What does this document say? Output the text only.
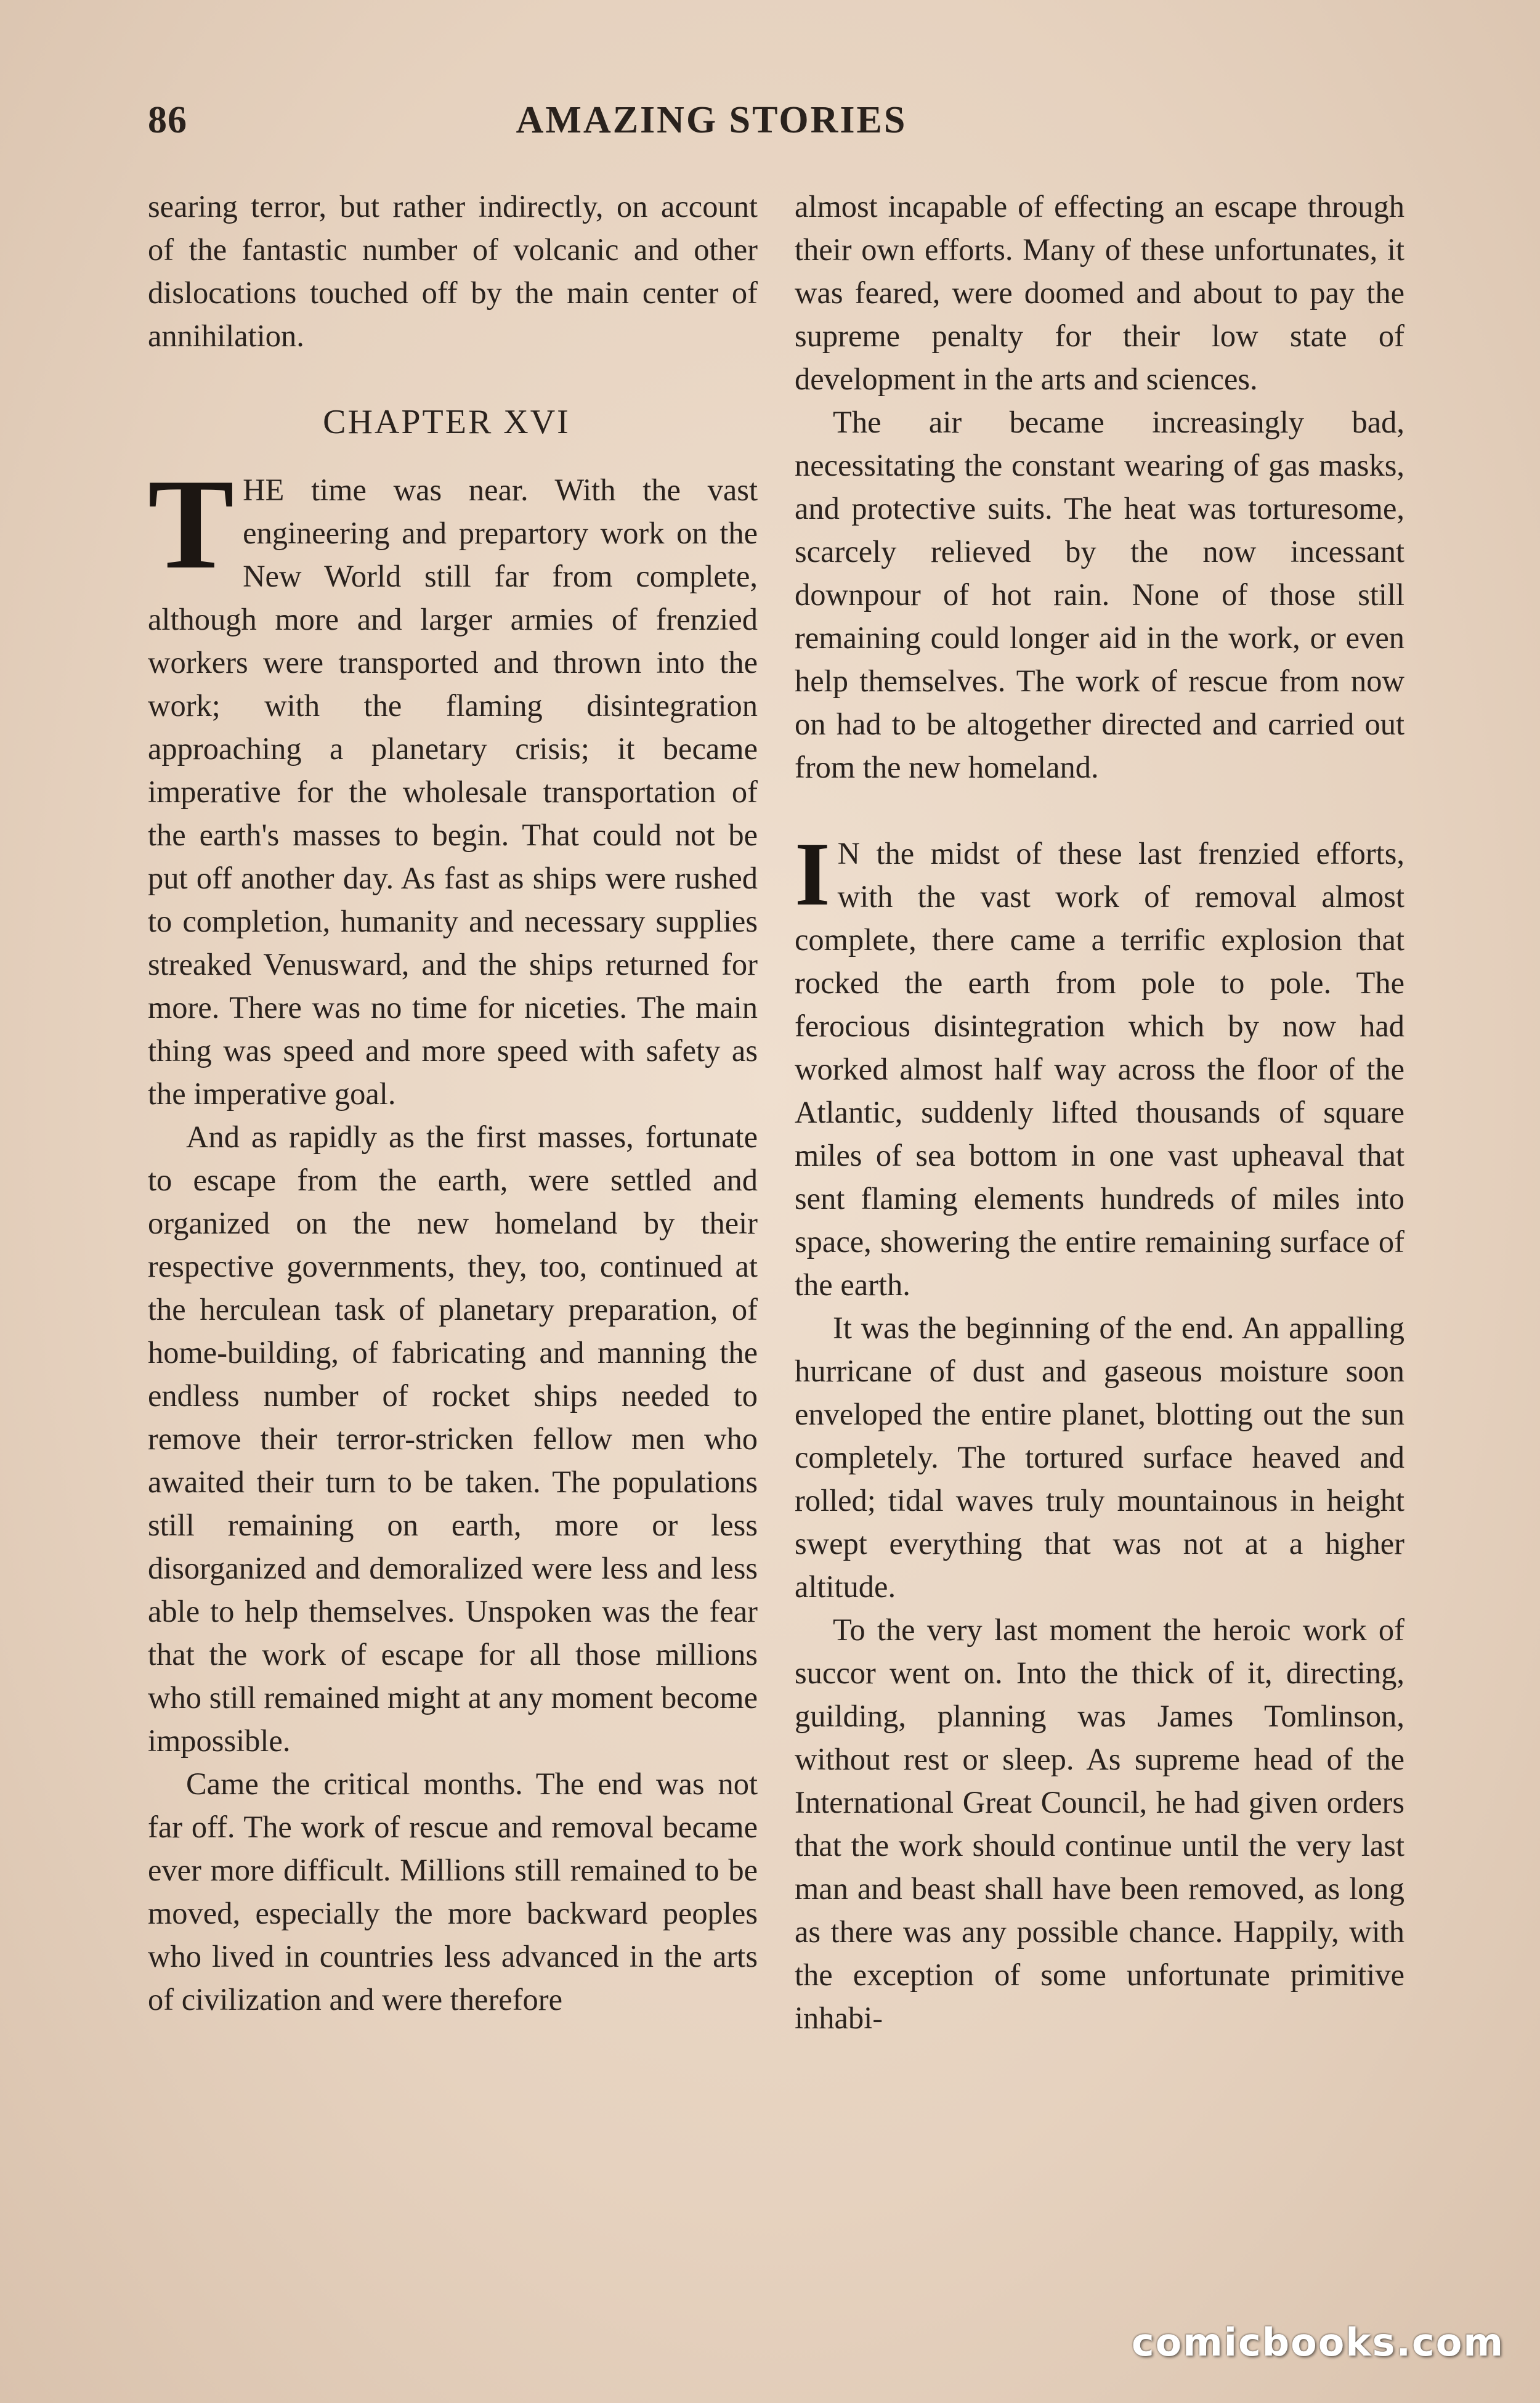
86	AMAZING STORIES

searing terror, but rather indirectly, on account of the fantastic number of volcanic and other dislocations touched off by the main center of annihilation.

CHAPTER XVI

THE time was near. With the vast engineering and prepartory work on the New World still far from complete, although more and larger armies of frenzied workers were transported and thrown into the work; with the flaming disintegration approaching a planetary crisis; it became imperative for the wholesale transportation of the earth's masses to begin. That could not be put off another day. As fast as ships were rushed to completion, humanity and necessary supplies streaked Venusward, and the ships returned for more. There was no time for niceties. The main thing was speed and more speed with safety as the imperative goal.

And as rapidly as the first masses, fortunate to escape from the earth, were settled and organized on the new homeland by their respective governments, they, too, continued at the herculean task of planetary preparation, of home-building, of fabricating and manning the endless number of rocket ships needed to remove their terror-stricken fellow men who awaited their turn to be taken. The populations still remaining on earth, more or less disorganized and demoralized were less and less able to help themselves. Unspoken was the fear that the work of escape for all those millions who still remained might at any moment become impossible.

Came the critical months. The end was not far off. The work of rescue and removal became ever more difficult. Millions still remained to be moved, especially the more backward peoples who lived in countries less advanced in the arts of civilization and were therefore

almost incapable of effecting an escape through their own efforts. Many of these unfortunates, it was feared, were doomed and about to pay the supreme penalty for their low state of development in the arts and sciences.

The air became increasingly bad, necessitating the constant wearing of gas masks, and protective suits. The heat was torturesome, scarcely relieved by the now incessant downpour of hot rain. None of those still remaining could longer aid in the work, or even help themselves. The work of rescue from now on had to be altogether directed and carried out from the new homeland.

I N the midst of these last frenzied efforts, with the vast work of removal almost complete, there came a terrific explosion that rocked the earth from pole to pole. The ferocious disintegration which by now had worked almost half way across the floor of the Atlantic, suddenly lifted thousands of square miles of sea bottom in one vast upheaval that sent flaming elements hundreds of miles into space, showering the entire remaining surface of the earth.

It was the beginning of the end. An appalling hurricane of dust and gaseous moisture soon enveloped the entire planet, blotting out the sun completely. The tortured surface heaved and rolled; tidal waves truly mountainous in height swept everything that was not at a higher altitude.

To the very last moment the heroic work of succor went on. Into the thick of it, directing, guilding, planning was James Tomlinson, without rest or sleep. As supreme head of the International Great Council, he had given orders that the work should continue until the very last man and beast shall have been removed, as long as there was any possible chance. Happily, with the exception of some unfortunate primitive inhabi-

comicbooks.com
